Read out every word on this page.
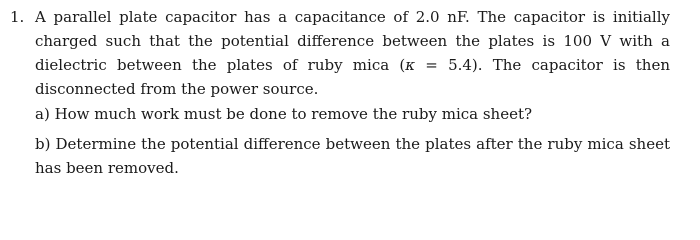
1. A parallel plate capacitor has a capacitance of 2.0 nF. The capacitor is initially charged such that the potential difference between the plates is 100 V with a dielectric between the plates of ruby mica (κ = 5.4). The capacitor is then disconnected from the power source.
a) How much work must be done to remove the ruby mica sheet?
b) Determine the potential difference between the plates after the ruby mica sheet has been removed.
